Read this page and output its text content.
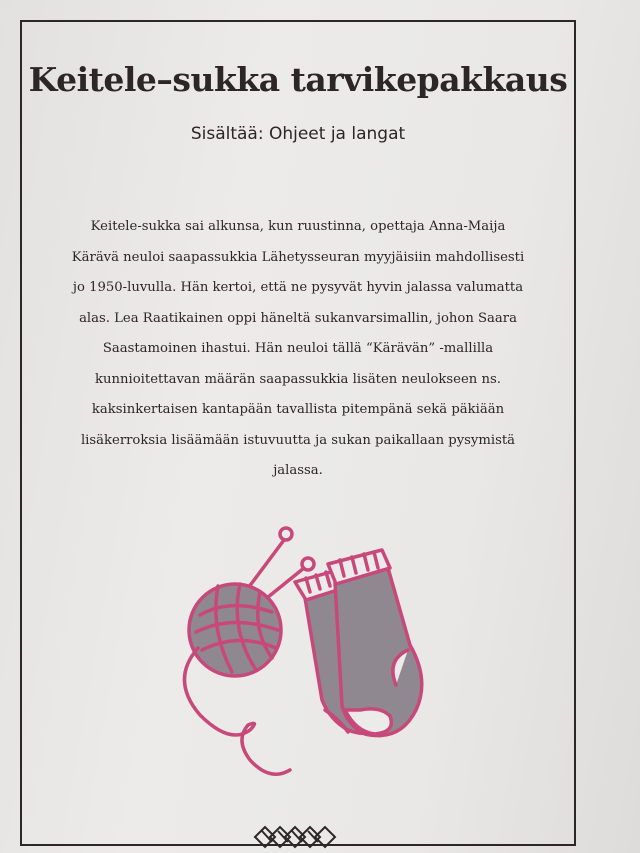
Keitele–sukka tarvikepakkaus

Sisältää: Ohjeet ja langat

Keitele-sukka sai alkunsa, kun ruustinna, opettaja Anna-Maija
Kärävä neuloi saapassukkia Lähetysseuran myyjäisiin mahdollisesti
jo 1950-luvulla. Hän kertoi, että ne pysyvät hyvin jalassa valumatta
alas. Lea Raatikainen oppi häneltä sukanvarsimallin, johon Saara
Saastamoinen ihastui. Hän neuloi tällä “Kärävän” -mallilla
kunnioitettavan määrän saapassukkia lisäten neulokseen ns.
kaksinkertaisen kantapään tavallista pitempänä sekä päkiään
lisäkerroksia lisäämään istuvuutta ja sukan paikallaan pysymistä
jalassa.
